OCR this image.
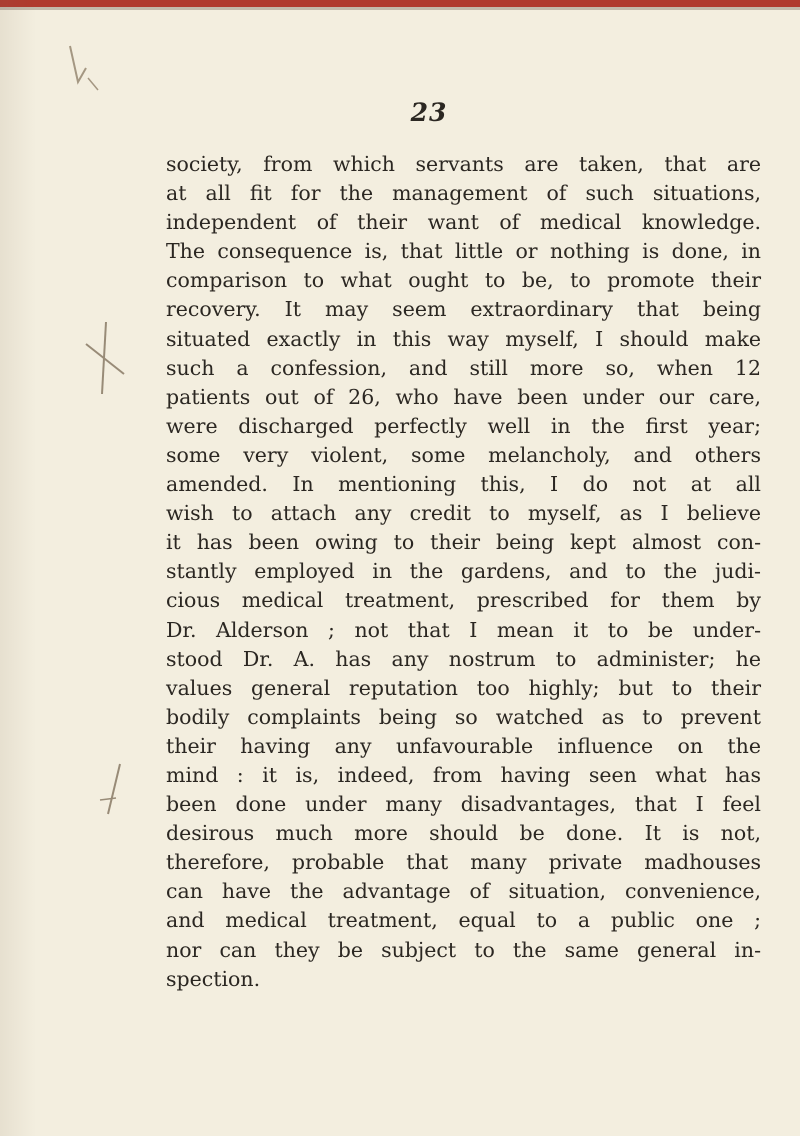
23
society, from which servants are taken, that are
at all fit for the management of such situations,
independent of their want of medical knowledge.
The consequence is, that little or nothing is done, in
comparison to what ought to be, to promote their
recovery. It may seem extraordinary that being
situated exactly in this way myself, I should make
such a confession, and still more so, when 12
patients out of 26, who have been under our care,
were discharged perfectly well in the first year;
some very violent, some melancholy, and others
amended. In mentioning this, I do not at all
wish to attach any credit to myself, as I believe
it has been owing to their being kept almost con-
stantly employed in the gardens, and to the judi-
cious medical treatment, prescribed for them by
Dr. Alderson ; not that I mean it to be under-
stood Dr. A. has any nostrum to administer; he
values general reputation too highly; but to their
bodily complaints being so watched as to prevent
their having any unfavourable influence on the
mind : it is, indeed, from having seen what has
been done under many disadvantages, that I feel
desirous much more should be done. It is not,
therefore, probable that many private madhouses
can have the advantage of situation, convenience,
and medical treatment, equal to a public one ;
nor can they be subject to the same general in-
spection.
